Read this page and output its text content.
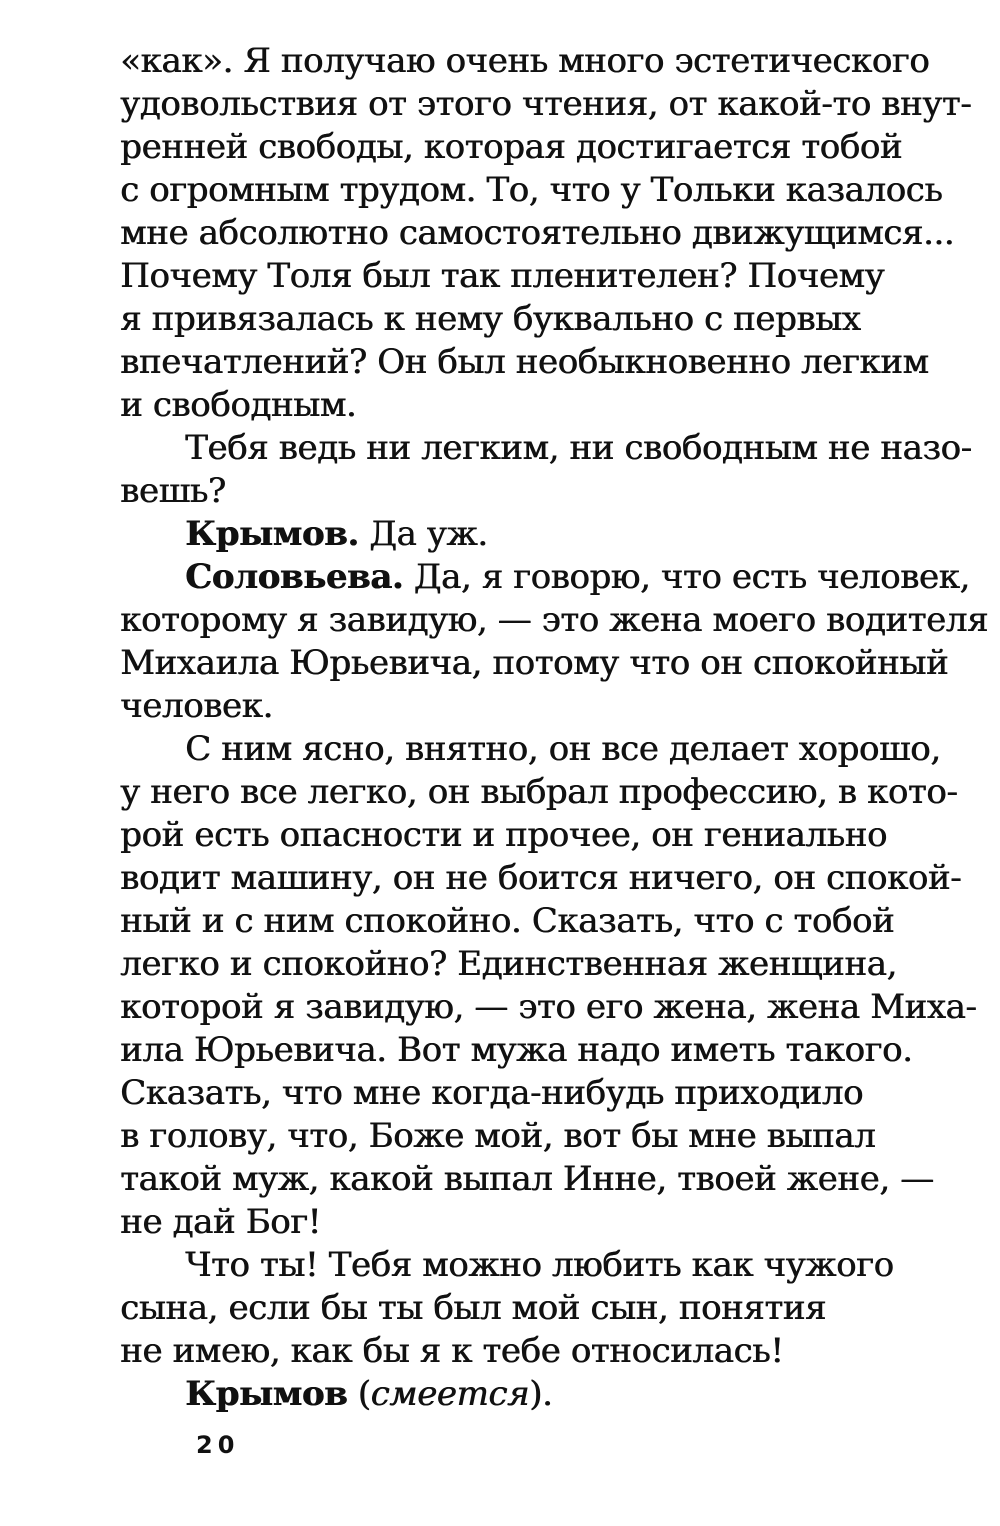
«как». Я получаю очень много эстетического
удовольствия от этого чтения, от какой-то внут-
ренней свободы, которая достигается тобой
с огромным трудом. То, что у Тольки казалось
мне абсолютно самостоятельно движущимся...
Почему Толя был так пленителен? Почему
я привязалась к нему буквально с первых
впечатлений? Он был необыкновенно легким
и свободным.
Тебя ведь ни легким, ни свободным не назо-
вешь?
Крымов. Да уж.
Соловьева. Да, я говорю, что есть человек,
которому я завидую, — это жена моего водителя
Михаила Юрьевича, потому что он спокойный
человек.
С ним ясно, внятно, он все делает хорошо,
у него все легко, он выбрал профессию, в кото-
рой есть опасности и прочее, он гениально
водит машину, он не боится ничего, он спокой-
ный и с ним спокойно. Сказать, что с тобой
легко и спокойно? Единственная женщина,
которой я завидую, — это его жена, жена Миха-
ила Юрьевича. Вот мужа надо иметь такого.
Сказать, что мне когда-нибудь приходило
в голову, что, Боже мой, вот бы мне выпал
такой муж, какой выпал Инне, твоей жене, —
не дай Бог!
Что ты! Тебя можно любить как чужого
сына, если бы ты был мой сын, понятия
не имею, как бы я к тебе относилась!
Крымов (смеется).
20
